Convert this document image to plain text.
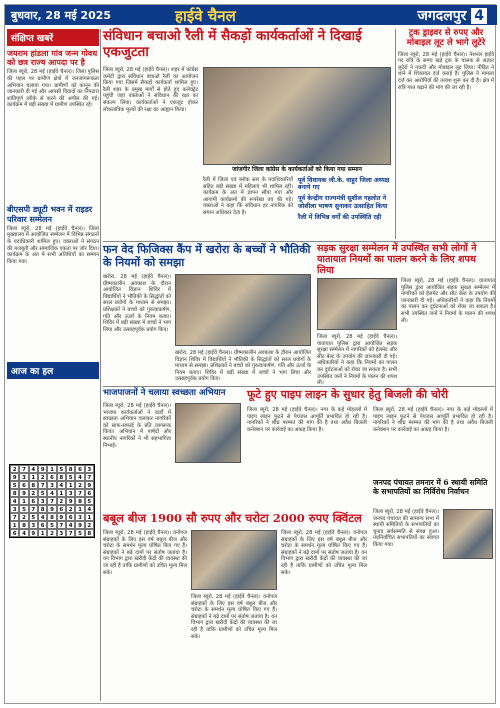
बुधवार, 28 मई 2025	हाईवे चैनल	जगदलपुर 4
संक्षिप्त खबरें
जयराम हांडला गांव जन्म गोवध को छत्र राज्य आपदा पर है
जिला ब्यूरो, 28 मई (हाईवे चैनल)। जिला पुलिस की पहल पर ग्रामीण क्षेत्रों में जनजागरूकता अभियान चलाया गया। ग्रामीणों को कानून की जानकारी दी गई और आपसी विवादों का निपटारा शांतिपूर्ण तरीके से करने की अपील की गई। कार्यक्रम में बड़ी संख्या में ग्रामीण उपस्थित रहे।
बीएसपी ड्यूटी भवन में राइडर परिवार सम्मेलन
जिला ब्यूरो, 28 मई (हाईवे चैनल)। जिला मुख्यालय में आयोजित सम्मेलन में विभिन्न संगठनों के पदाधिकारी शामिल हुए। वक्ताओं ने संगठन की मजबूती और सामाजिक एकता पर जोर दिया। कार्यक्रम के अंत में सभी अतिथियों का सम्मान किया गया।
आज का हल
2	7	4	9	1	5	8	6	3
9	3	1	2	6	8	5	4	7
5	6	8	7	3	4	1	2	9
8	9	2	5	4	1	3	7	6
4	1	6	3	7	2	9	8	5
3	5	7	8	9	6	2	1	4
7	2	5	4	8	9	6	3	1
1	8	3	6	5	7	4	9	2
6	4	9	1	2	3	7	5	8
संविधान बचाओ रैली में सैकड़ों कार्यकर्ताओं ने दिखाई एकजुटता
जिला ब्यूरो, 28 मई (हाईवे चैनल)। शहर में कांग्रेस कमेटी द्वारा संविधान बचाओ रैली का आयोजन किया गया जिसमें सैकड़ों कार्यकर्ता शामिल हुए। रैली शहर के प्रमुख मार्गों से होते हुए कलेक्ट्रेट पहुंची जहां वक्ताओं ने संविधान की रक्षा का संकल्प लिया। कार्यकर्ताओं ने एकजुट होकर लोकतांत्रिक मूल्यों की रक्षा का आह्वान किया।
जांजगीर जिला कांग्रेस के कार्यकर्ताओं को किया गया सम्मान
रैली में जिला एवं ब्लॉक स्तर के पदाधिकारियों सहित बड़ी संख्या में महिलाएं भी शामिल रहीं। कार्यक्रम के अंत में ज्ञापन सौंपा गया और आगामी कार्यक्रमों की रूपरेखा तय की गई। वक्ताओं ने कहा कि संविधान हर नागरिक को समान अधिकार देता है।
पूर्व विधायक जी.के. वाहुर जिला अध्यक्ष बनाये गए
पूर्व केन्द्रीय राज्यमंत्री सुशील गहलोत ने जोशीला भाषण सुनाकर उत्साहित किया
रैली में विभिन्न वर्गों की उपस्थिति रही
ट्रक ड्राइवर से रुपए और मोबाइल लूट ले भागे लुटेरे
जिला ब्यूरो, 28 मई (हाईवे चैनल)। नेशनल हाईवे पर रात्रि के समय खड़े ट्रक के चालक से अज्ञात लुटेरों ने नकदी और मोबाइल लूट लिया। पीड़ित ने थाने में शिकायत दर्ज कराई है। पुलिस ने मामला दर्ज कर आरोपियों की तलाश शुरू कर दी है। क्षेत्र में रात्रि गश्त बढ़ाने की मांग की जा रही है।
फन वेद फिजिक्स कैंप में खरोरा के बच्चों ने भौतिकी के नियमों को समझा
खरोरा, 28 मई (हाईवे चैनल)। ग्रीष्मकालीन अवकाश के दौरान आयोजित विज्ञान शिविर में विद्यार्थियों ने भौतिकी के सिद्धांतों को सरल प्रयोगों के माध्यम से समझा। प्रशिक्षकों ने बच्चों को गुरुत्वाकर्षण, गति और ऊर्जा के नियम बताए। शिविर में बड़ी संख्या में बच्चों ने भाग लिया और उत्साहपूर्वक प्रयोग किए।
खरोरा, 28 मई (हाईवे चैनल)। ग्रीष्मकालीन अवकाश के दौरान आयोजित विज्ञान शिविर में विद्यार्थियों ने भौतिकी के सिद्धांतों को सरल प्रयोगों के माध्यम से समझा। प्रशिक्षकों ने बच्चों को गुरुत्वाकर्षण, गति और ऊर्जा के नियम बताए। शिविर में बड़ी संख्या में बच्चों ने भाग लिया और उत्साहपूर्वक प्रयोग किए।
सड़क सुरक्षा सम्मेलन में उपस्थित सभी लोगों ने यातायात नियमों का पालन करने के लिए शपथ लिया
जिला ब्यूरो, 28 मई (हाईवे चैनल)। यातायात पुलिस द्वारा आयोजित सड़क सुरक्षा सम्मेलन में नागरिकों को हेलमेट और सीट बेल्ट के उपयोग की जानकारी दी गई। अधिकारियों ने कहा कि नियमों का पालन कर दुर्घटनाओं को रोका जा सकता है। सभी उपस्थित जनों ने नियमों के पालन की शपथ ली।
जिला ब्यूरो, 28 मई (हाईवे चैनल)। यातायात पुलिस द्वारा आयोजित सड़क सुरक्षा सम्मेलन में नागरिकों को हेलमेट और सीट बेल्ट के उपयोग की जानकारी दी गई। अधिकारियों ने कहा कि नियमों का पालन कर दुर्घटनाओं को रोका जा सकता है। सभी उपस्थित जनों ने नियमों के पालन की शपथ ली।
भाजपाजनों ने चलाया स्वच्छता अभियान
जिला ब्यूरो, 28 मई (हाईवे चैनल)। भाजपा कार्यकर्ताओं ने वार्डों में स्वच्छता अभियान चलाकर नागरिकों को साफ-सफाई के प्रति जागरूक किया। अभियान में पार्षदों और स्थानीय नागरिकों ने भी सहभागिता निभाई।
फूटे हुए पाइप लाइन के सुधार हेतु बिजली की चोरी
जिला ब्यूरो, 28 मई (हाईवे चैनल)। नगर के कई मोहल्लों में पाइप लाइन फूटने से पेयजल आपूर्ति प्रभावित हो रही है। नागरिकों ने शीघ्र मरम्मत की मांग की है तथा अवैध बिजली कनेक्शन पर कार्रवाई का आग्रह किया है।
जिला ब्यूरो, 28 मई (हाईवे चैनल)। नगर के कई मोहल्लों में पाइप लाइन फूटने से पेयजल आपूर्ति प्रभावित हो रही है। नागरिकों ने शीघ्र मरम्मत की मांग की है तथा अवैध बिजली कनेक्शन पर कार्रवाई का आग्रह किया है।
जनपद पंचायत तमनार में 6 स्थायी समिति के सभापतियों का निर्विरोध निर्वाचन
जिला ब्यूरो, 28 मई (हाईवे चैनल)। जनपद पंचायत की सामान्य सभा में स्थायी समितियों के सभापतियों का चुनाव सर्वसम्मति से संपन्न हुआ। नवनिर्वाचित सभापतियों का स्वागत किया गया।
बबूल बीज 1900 सौ रुपए और चरोटा 2000 रुपए क्विंटल
जिला ब्यूरो, 28 मई (हाईवे चैनल)। वनोपज संग्राहकों के लिए इस वर्ष बबूल बीज और चरोटा के समर्थन मूल्य घोषित किए गए हैं। संग्राहकों ने बढ़े दामों पर संतोष जताया है। वन विभाग द्वारा खरीदी केंद्रों की व्यवस्था की जा रही है ताकि ग्रामीणों को उचित मूल्य मिल सके।
जिला ब्यूरो, 28 मई (हाईवे चैनल)। वनोपज संग्राहकों के लिए इस वर्ष बबूल बीज और चरोटा के समर्थन मूल्य घोषित किए गए हैं। संग्राहकों ने बढ़े दामों पर संतोष जताया है। वन विभाग द्वारा खरीदी केंद्रों की व्यवस्था की जा रही है ताकि ग्रामीणों को उचित मूल्य मिल सके।
जिला ब्यूरो, 28 मई (हाईवे चैनल)। वनोपज संग्राहकों के लिए इस वर्ष बबूल बीज और चरोटा के समर्थन मूल्य घोषित किए गए हैं। संग्राहकों ने बढ़े दामों पर संतोष जताया है। वन विभाग द्वारा खरीदी केंद्रों की व्यवस्था की जा रही है ताकि ग्रामीणों को उचित मूल्य मिल सके।
